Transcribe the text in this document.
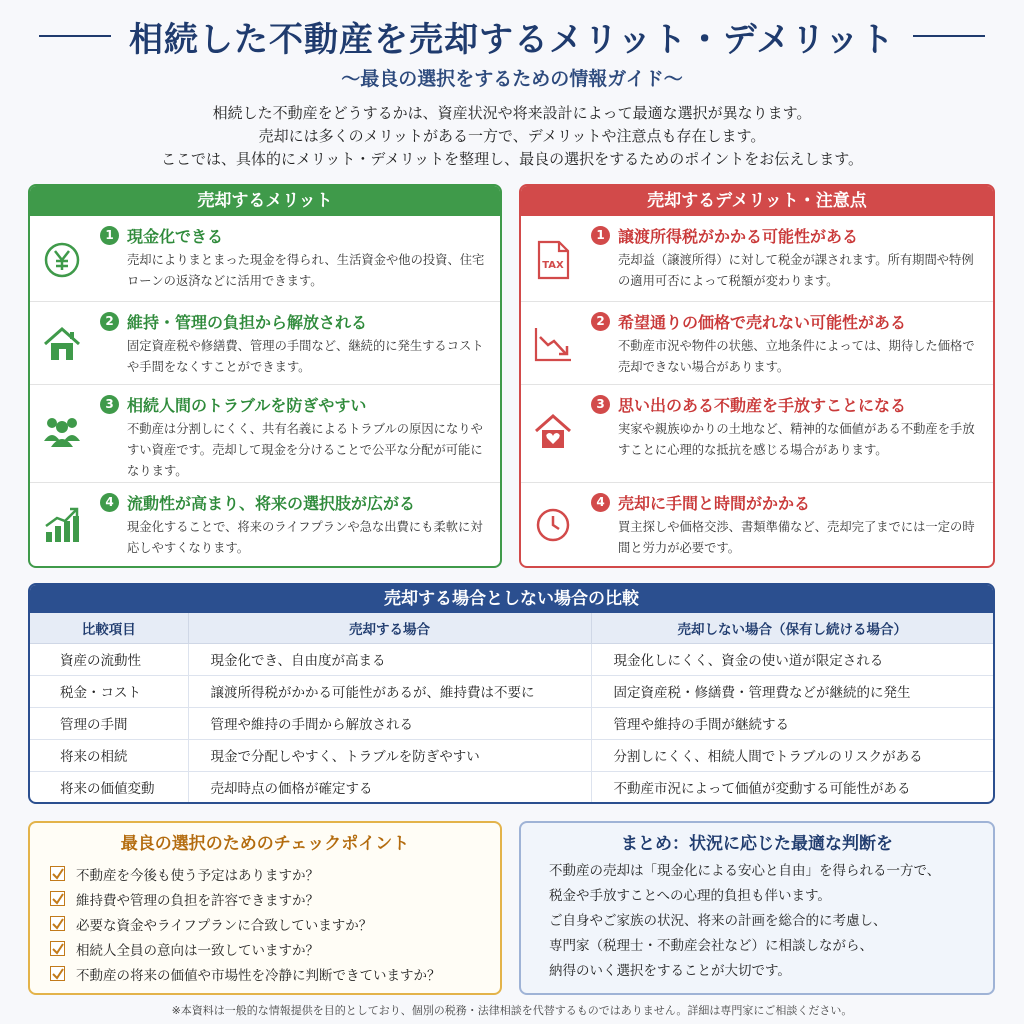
相続した不動産を売却するメリット・デメリット
〜最良の選択をするための情報ガイド〜
相続した不動産をどうするかは、資産状況や将来設計によって最適な選択が異なります。
売却には多くのメリットがある一方で、デメリットや注意点も存在します。
ここでは、具体的にメリット・デメリットを整理し、最良の選択をするためのポイントをお伝えします。
売却するメリット
1 現金化できる
売却によりまとまった現金を得られ、生活資金や他の投資、住宅ローンの返済などに活用できます。
2 維持・管理の負担から解放される
固定資産税や修繕費、管理の手間など、継続的に発生するコストや手間をなくすことができます。
3 相続人間のトラブルを防ぎやすい
不動産は分割しにくく、共有名義によるトラブルの原因になりやすい資産です。売却して現金を分けることで公平な分配が可能になります。
4 流動性が高まり、将来の選択肢が広がる
現金化することで、将来のライフプランや急な出費にも柔軟に対応しやすくなります。
売却するデメリット・注意点
TAX
1 譲渡所得税がかかる可能性がある
売却益（譲渡所得）に対して税金が課されます。所有期間や特例の適用可否によって税額が変わります。
2 希望通りの価格で売れない可能性がある
不動産市況や物件の状態、立地条件によっては、期待した価格で売却できない場合があります。
3 思い出のある不動産を手放すことになる
実家や親族ゆかりの土地など、精神的な価値がある不動産を手放すことに心理的な抵抗を感じる場合があります。
4 売却に手間と時間がかかる
買主探しや価格交渉、書類準備など、売却完了までには一定の時間と労力が必要です。
売却する場合としない場合の比較
比較項目	売却する場合	売却しない場合（保有し続ける場合）
資産の流動性	現金化でき、自由度が高まる	現金化しにくく、資金の使い道が限定される
税金・コスト	譲渡所得税がかかる可能性があるが、維持費は不要に	固定資産税・修繕費・管理費などが継続的に発生
管理の手間	管理や維持の手間から解放される	管理や維持の手間が継続する
将来の相続	現金で分配しやすく、トラブルを防ぎやすい	分割しにくく、相続人間でトラブルのリスクがある
将来の価値変動	売却時点の価格が確定する	不動産市況によって価値が変動する可能性がある
最良の選択のためのチェックポイント
不動産を今後も使う予定はありますか？
維持費や管理の負担を許容できますか？
必要な資金やライフプランに合致していますか？
相続人全員の意向は一致していますか？
不動産の将来の価値や市場性を冷静に判断できていますか？
まとめ：状況に応じた最適な判断を
不動産の売却は「現金化による安心と自由」を得られる一方で、
税金や手放すことへの心理的負担も伴います。
ご自身やご家族の状況、将来の計画を総合的に考慮し、
専門家（税理士・不動産会社など）に相談しながら、
納得のいく選択をすることが大切です。
※本資料は一般的な情報提供を目的としており、個別の税務・法律相談を代替するものではありません。詳細は専門家にご相談ください。
